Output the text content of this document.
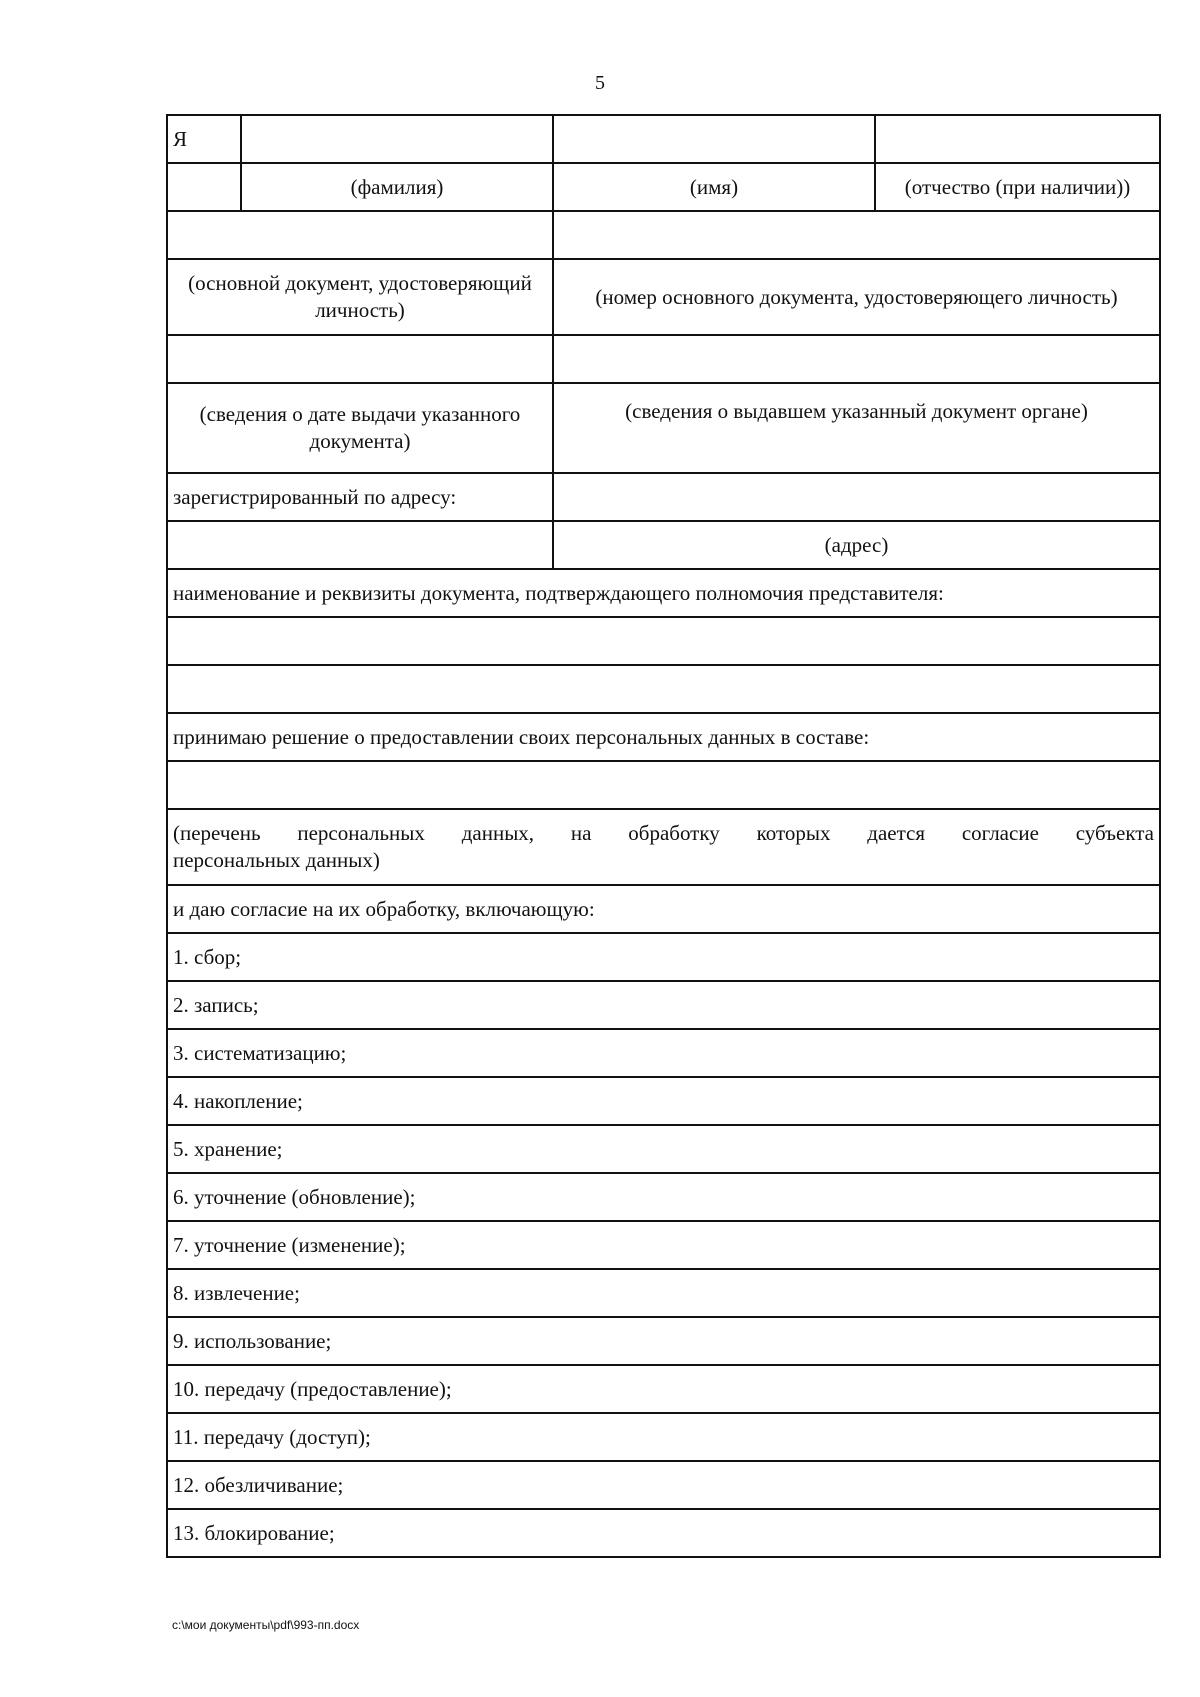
5
Я			
	(фамилия)	(имя)	(отчество (при наличии))

(основной документ, удостоверяющий личность)		(номер основного документа, удостоверяющего личность)	

(сведения о дате выдачи указанного документа)		(сведения о выдавшем указанный документ органе)	
зарегистрированный по адресу:			
		(адрес)	
наименование и реквизиты документа, подтверждающего полномочия представителя:			

принимаю решение о предоставлении своих персональных данных в составе:			

(перечень персональных данных, на обработку которых дается согласие субъекта
персональных данных)			

и даю согласие на их обработку, включающую:			
1. сбор;			
2. запись;			
3. систематизацию;			
4. накопление;			
5. хранение;			
6. уточнение (обновление);			
7. уточнение (изменение);			
8. извлечение;			
9. использование;			
10. передачу (предоставление);			
11. передачу (доступ);			
12. обезличивание;			
13. блокирование;			
c:\мои документы\pdf\993-пп.docx
